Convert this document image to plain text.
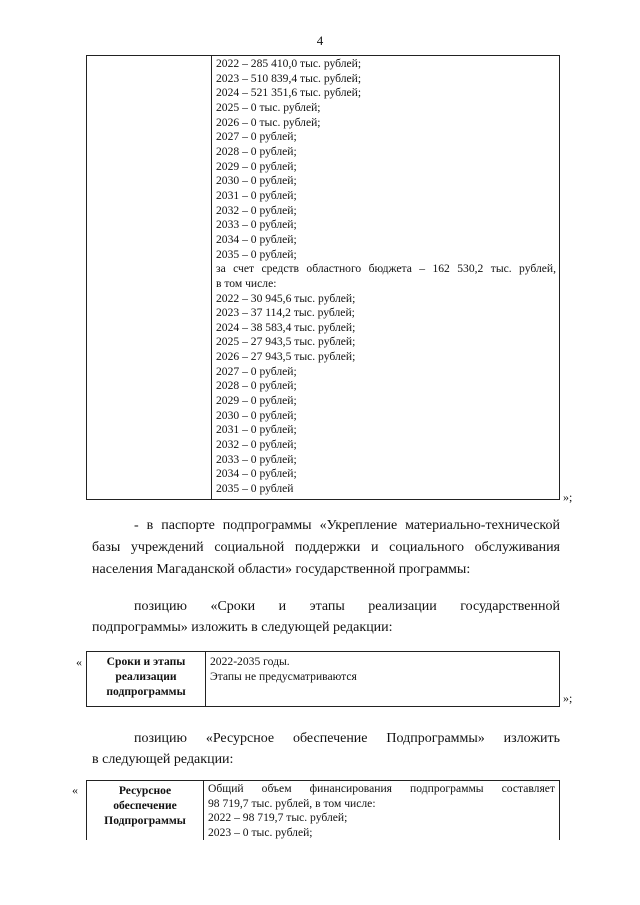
4
2022 – 285 410,0 тыс. рублей;
2023 – 510 839,4 тыс. рублей;
2024 – 521 351,6 тыс. рублей;
2025 – 0 тыс. рублей;
2026 – 0 тыс. рублей;
2027 – 0 рублей;
2028 – 0 рублей;
2029 – 0 рублей;
2030 – 0 рублей;
2031 – 0 рублей;
2032 – 0 рублей;
2033 – 0 рублей;
2034 – 0 рублей;
2035 – 0 рублей;
за счет средств областного бюджета – 162 530,2 тыс. рублей,
в том числе:
2022 – 30 945,6 тыс. рублей;
2023 – 37 114,2 тыс. рублей;
2024 – 38 583,4 тыс. рублей;
2025 – 27 943,5 тыс. рублей;
2026 – 27 943,5 тыс. рублей;
2027 – 0 рублей;
2028 – 0 рублей;
2029 – 0 рублей;
2030 – 0 рублей;
2031 – 0 рублей;
2032 – 0 рублей;
2033 – 0 рублей;
2034 – 0 рублей;
2035 – 0 рублей
»;
- в паспорте подпрограммы «Укрепление материально-технической
базы учреждений социальной поддержки и социального обслуживания
населения Магаданской области» государственной программы:
позицию «Сроки и этапы реализации государственной
подпрограммы» изложить в следующей редакции:
«	Сроки и этапы
реализации
подпрограммы
2022-2035 годы.
Этапы не предусматриваются
»;
позицию «Ресурсное обеспечение Подпрограммы» изложить
в следующей редакции:
«	Ресурсное
обеспечение
Подпрограммы
Общий объем финансирования подпрограммы составляет
98 719,7 тыс. рублей, в том числе:
2022 – 98 719,7 тыс. рублей;
2023 – 0 тыс. рублей;
